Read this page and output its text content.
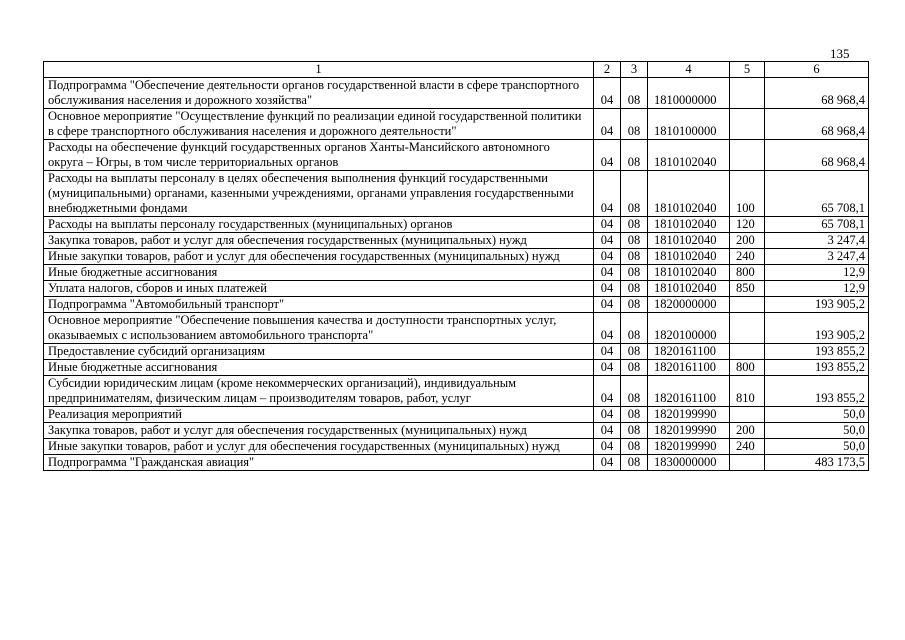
135
1	2	3	4	5	6
Подпрограмма "Обеспечение деятельности органов государственной власти в сфере транспортного обслуживания населения и дорожного хозяйства"	04	08	1810000000		68 968,4
Основное мероприятие "Осуществление функций по реализации единой государственной политики в сфере транспортного обслуживания населения и дорожного деятельности"	04	08	1810100000		68 968,4
Расходы на обеспечение функций государственных органов Ханты-Мансийского автономного округа – Югры, в том числе территориальных органов	04	08	1810102040		68 968,4
Расходы на выплаты персоналу в целях обеспечения выполнения функций государственными (муниципальными) органами, казенными учреждениями, органами управления государственными внебюджетными фондами	04	08	1810102040	100	65 708,1
Расходы на выплаты персоналу государственных (муниципальных) органов	04	08	1810102040	120	65 708,1
Закупка товаров, работ и услуг для обеспечения государственных (муниципальных) нужд	04	08	1810102040	200	3 247,4
Иные закупки товаров, работ и услуг для обеспечения государственных (муниципальных) нужд	04	08	1810102040	240	3 247,4
Иные бюджетные ассигнования	04	08	1810102040	800	12,9
Уплата налогов, сборов и иных платежей	04	08	1810102040	850	12,9
Подпрограмма "Автомобильный транспорт"	04	08	1820000000		193 905,2
Основное мероприятие "Обеспечение повышения качества и доступности транспортных услуг, оказываемых с использованием автомобильного транспорта"	04	08	1820100000		193 905,2
Предоставление субсидий организациям	04	08	1820161100		193 855,2
Иные бюджетные ассигнования	04	08	1820161100	800	193 855,2
Субсидии юридическим лицам (кроме некоммерческих организаций), индивидуальным предпринимателям, физическим лицам – производителям товаров, работ, услуг	04	08	1820161100	810	193 855,2
Реализация мероприятий	04	08	1820199990		50,0
Закупка товаров, работ и услуг для обеспечения государственных (муниципальных) нужд	04	08	1820199990	200	50,0
Иные закупки товаров, работ и услуг для обеспечения государственных (муниципальных) нужд	04	08	1820199990	240	50,0
Подпрограмма "Гражданская авиация"	04	08	1830000000		483 173,5
